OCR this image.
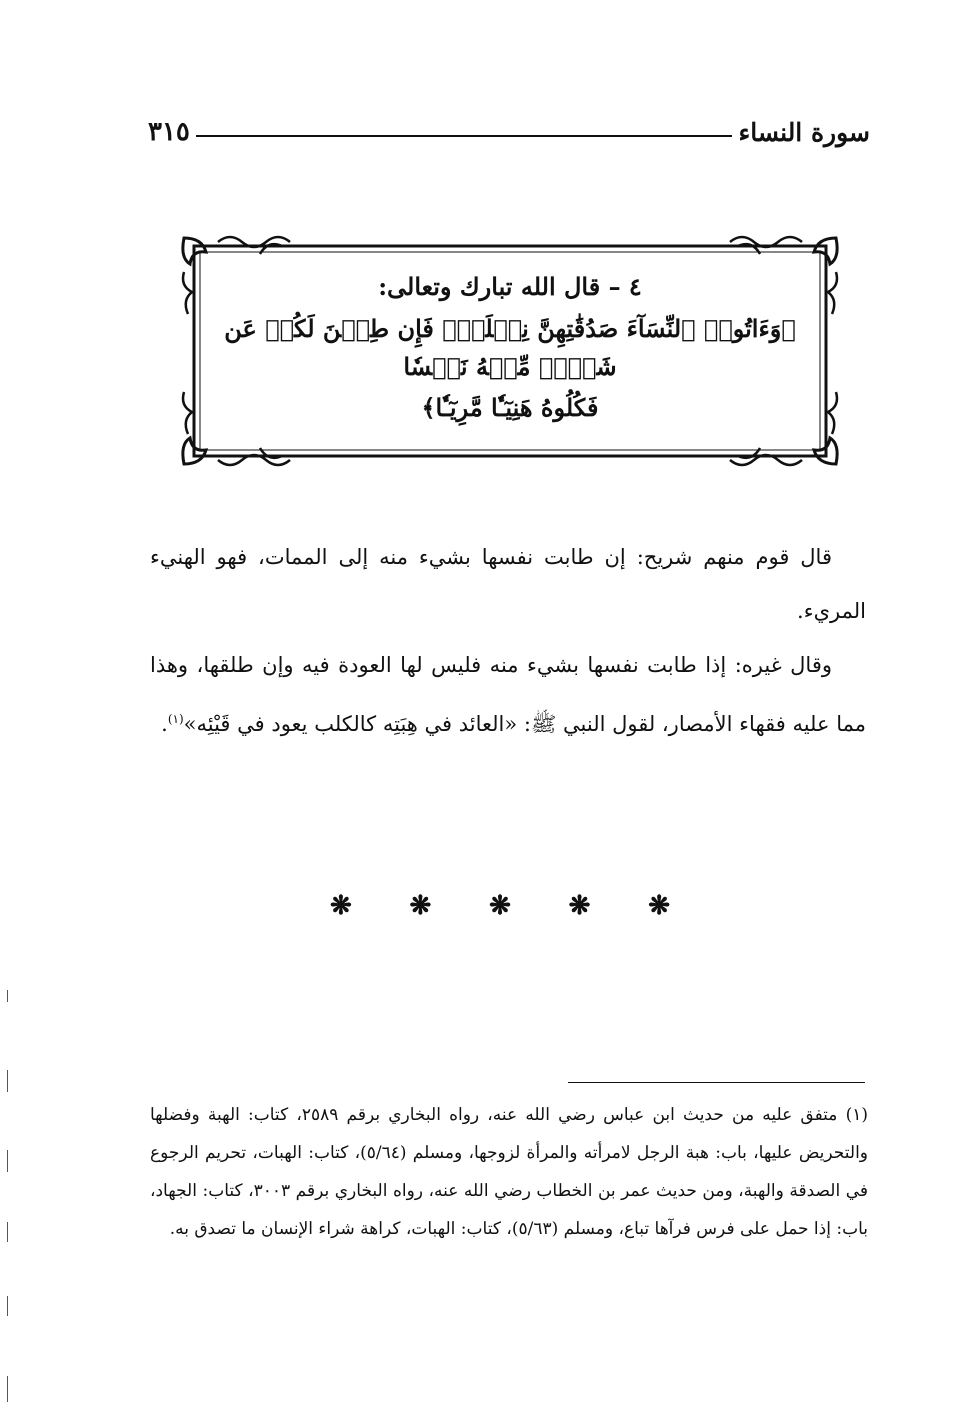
سورة النساء
٣١٥
٤ – قال الله تبارك وتعالى:
﴿وَءَاتُوا۟ ٱلنِّسَآءَ صَدُقَٰتِهِنَّ نِحۡلَةًۚ فَإِن طِبۡنَ لَكُمۡ عَن شَيۡءٖ مِّنۡهُ نَفۡسٗا
فَكُلُوهُ هَنِيٓـٔٗا مَّرِيٓـٔٗا﴾

قال قوم منهم شريح: إن طابت نفسها بشيء منه إلى الممات، فهو الهنيء المريء.

وقال غيره: إذا طابت نفسها بشيء منه فليس لها العودة فيه وإن طلقها، وهذا مما عليه فقهاء الأمصار، لقول النبي ﷺ: «العائد في هِبَتِه كالكلب يعود في قَيْئِه»$^{(١)}$.

❋ ❋ ❋ ❋ ❋
(١) متفق عليه من حديث ابن عباس رضي الله عنه، رواه البخاري برقم ٢٥٨٩، كتاب: الهبة وفضلها والتحريض عليها، باب: هبة الرجل لامرأته والمرأة لزوجها، ومسلم (٥/٦٤)، كتاب: الهبات، تحريم الرجوع في الصدقة والهبة، ومن حديث عمر بن الخطاب رضي الله عنه، رواه البخاري برقم ٣٠٠٣، كتاب: الجهاد، باب: إذا حمل على فرس فرآها تباع، ومسلم (٥/٦٣)، كتاب: الهبات، كراهة شراء الإنسان ما تصدق به.
